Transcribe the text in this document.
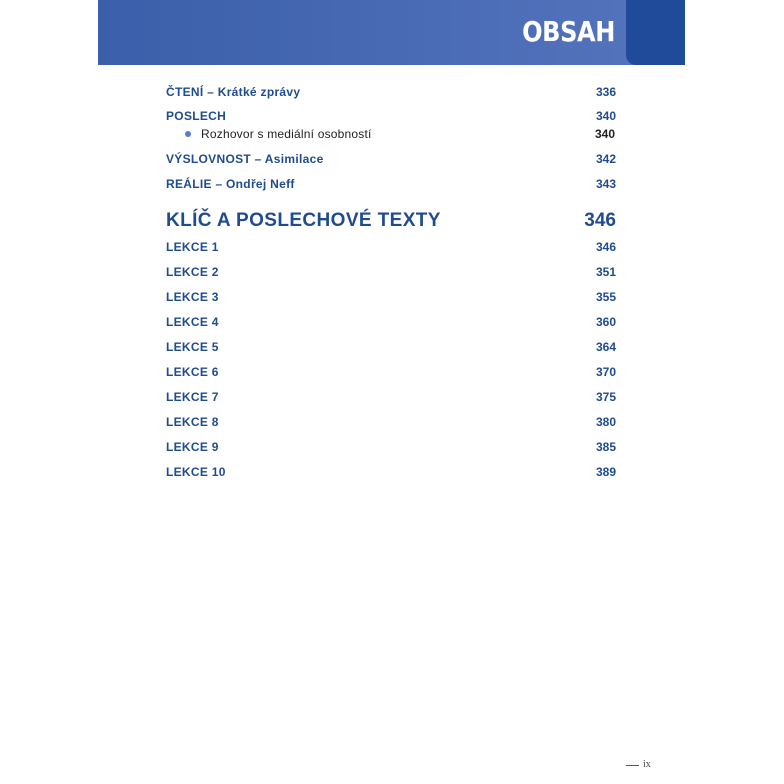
OBSAH
ČTENÍ – Krátké zprávy	336
POSLECH	340
Rozhovor s mediální osobností	340
VÝSLOVNOST – Asimilace	342
REÁLIE – Ondřej Neff	343
KLÍČ A POSLECHOVÉ TEXTY	346
LEKCE 1	346
LEKCE 2	351
LEKCE 3	355
LEKCE 4	360
LEKCE 5	364
LEKCE 6	370
LEKCE 7	375
LEKCE 8	380
LEKCE 9	385
LEKCE 10	389
ix
